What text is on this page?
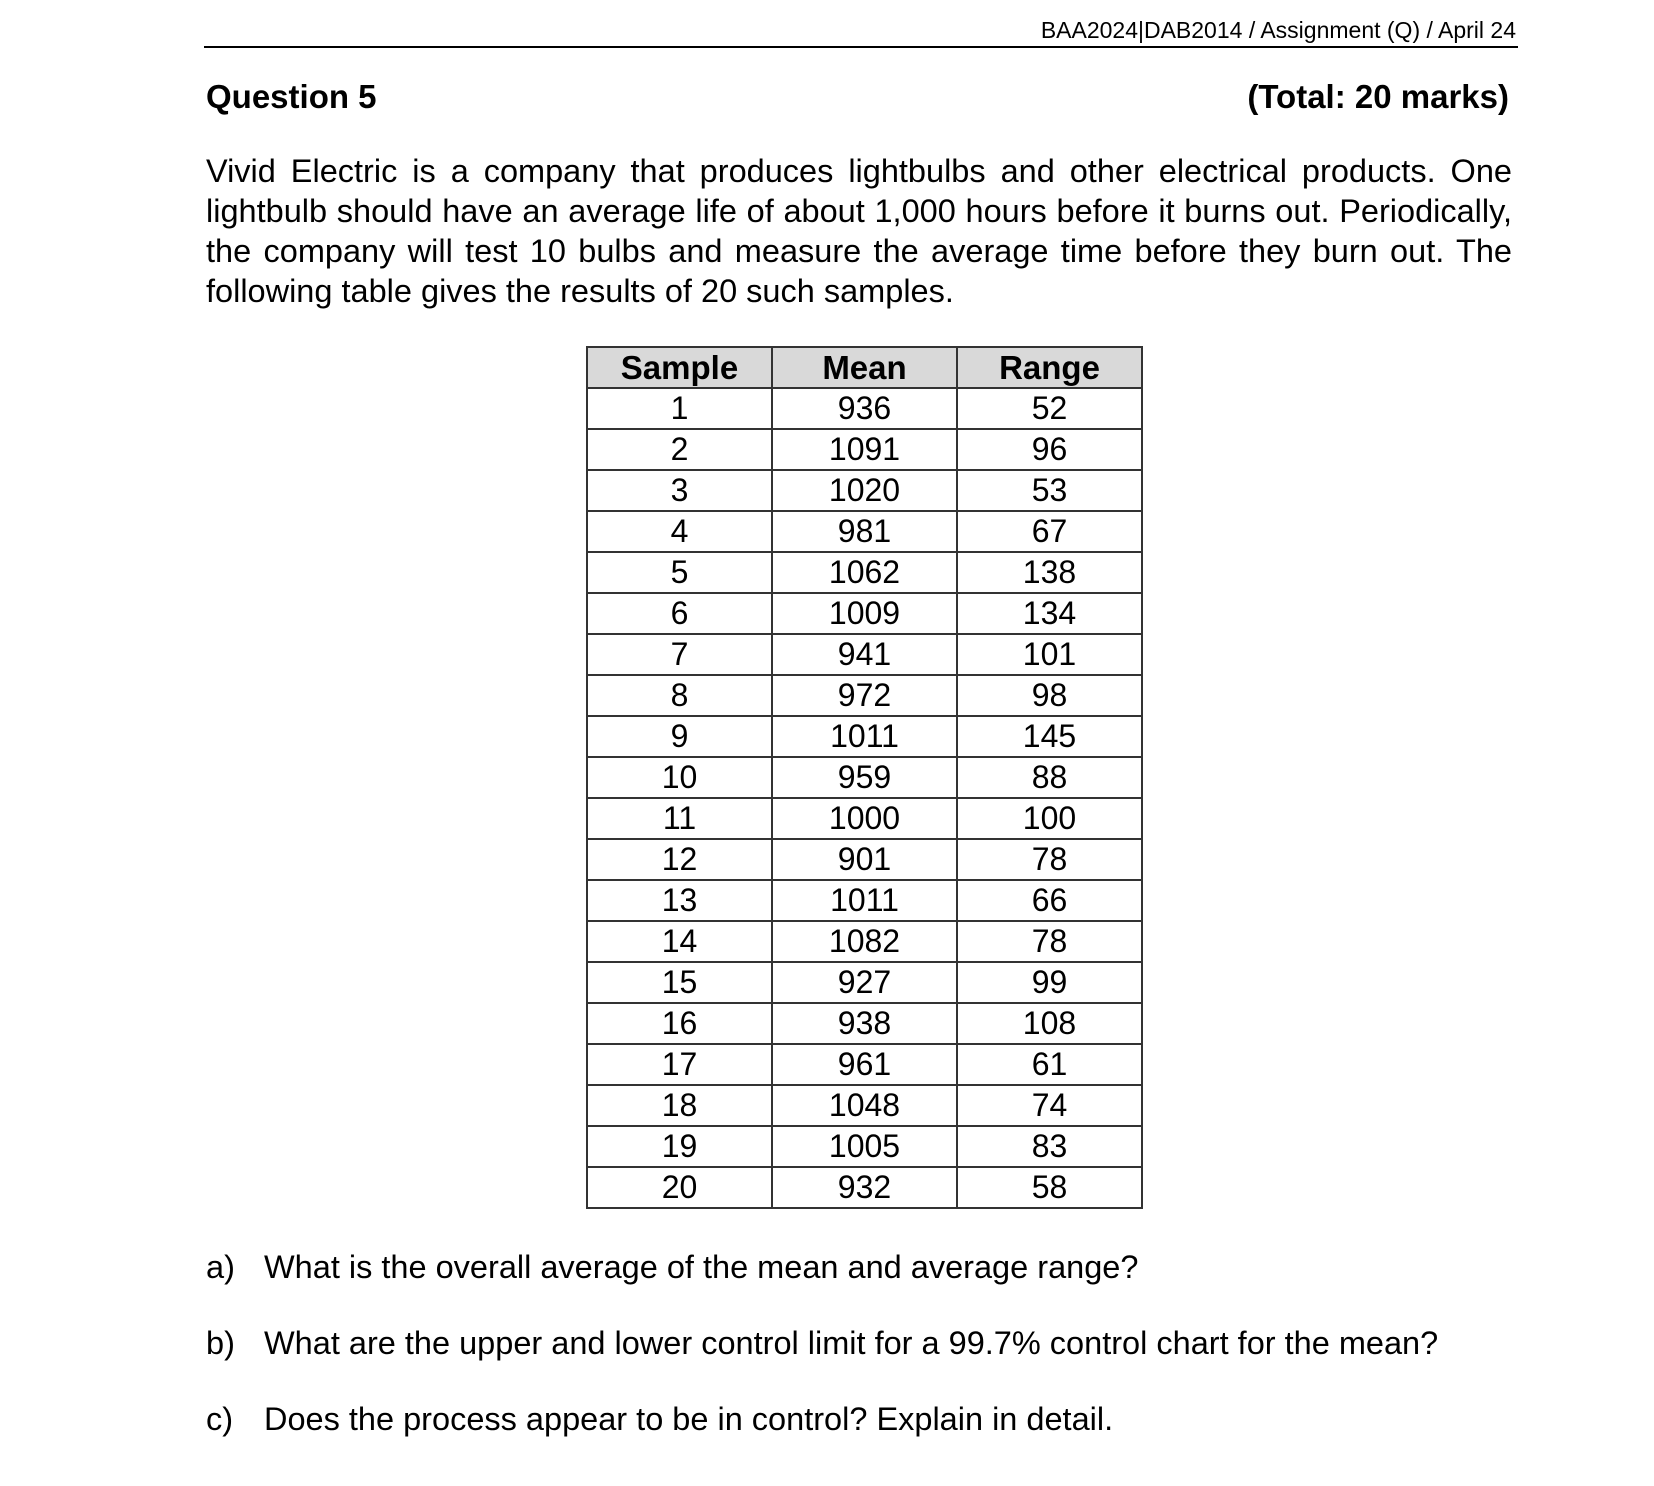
BAA2024|DAB2014 / Assignment (Q) / April 24
Question 5	(Total: 20 marks)

Vivid Electric is a company that produces lightbulbs and other electrical products. One lightbulb should have an average life of about 1,000 hours before it burns out. Periodically, the company will test 10 bulbs and measure the average time before they burn out. The following table gives the results of 20 such samples.

Sample	Mean	Range
1	936	52
2	1091	96
3	1020	53
4	981	67
5	1062	138
6	1009	134
7	941	101
8	972	98
9	1011	145
10	959	88
11	1000	100
12	901	78
13	1011	66
14	1082	78
15	927	99
16	938	108
17	961	61
18	1048	74
19	1005	83
20	932	58
a) What is the overall average of the mean and average range?
b) What are the upper and lower control limit for a 99.7% control chart for the mean?
c) Does the process appear to be in control? Explain in detail.
